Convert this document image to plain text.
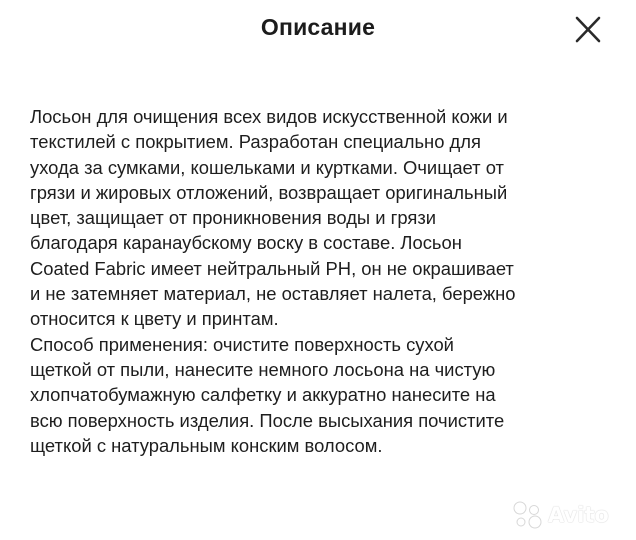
Описание

Лосьон для очищения всех видов искусственной кожи и
текстилей с покрытием. Разработан специально для
ухода за сумками, кошельками и куртками. Очищает от
грязи и жировых отложений, возвращает оригинальный
цвет, защищает от проникновения воды и грязи
благодаря каранаубскому воску в составе. Лосьон
Coated Fabric имеет нейтральный PH, он не окрашивает
и не затемняет материал, не оставляет налета, бережно
относится к цвету и принтам.

Способ применения: очистите поверхность сухой
щеткой от пыли, нанесите немного лосьона на чистую
хлопчатобумажную салфетку и аккуратно нанесите на
всю поверхность изделия. После высыхания почистите
щеткой с натуральным конским волосом.

Avito
